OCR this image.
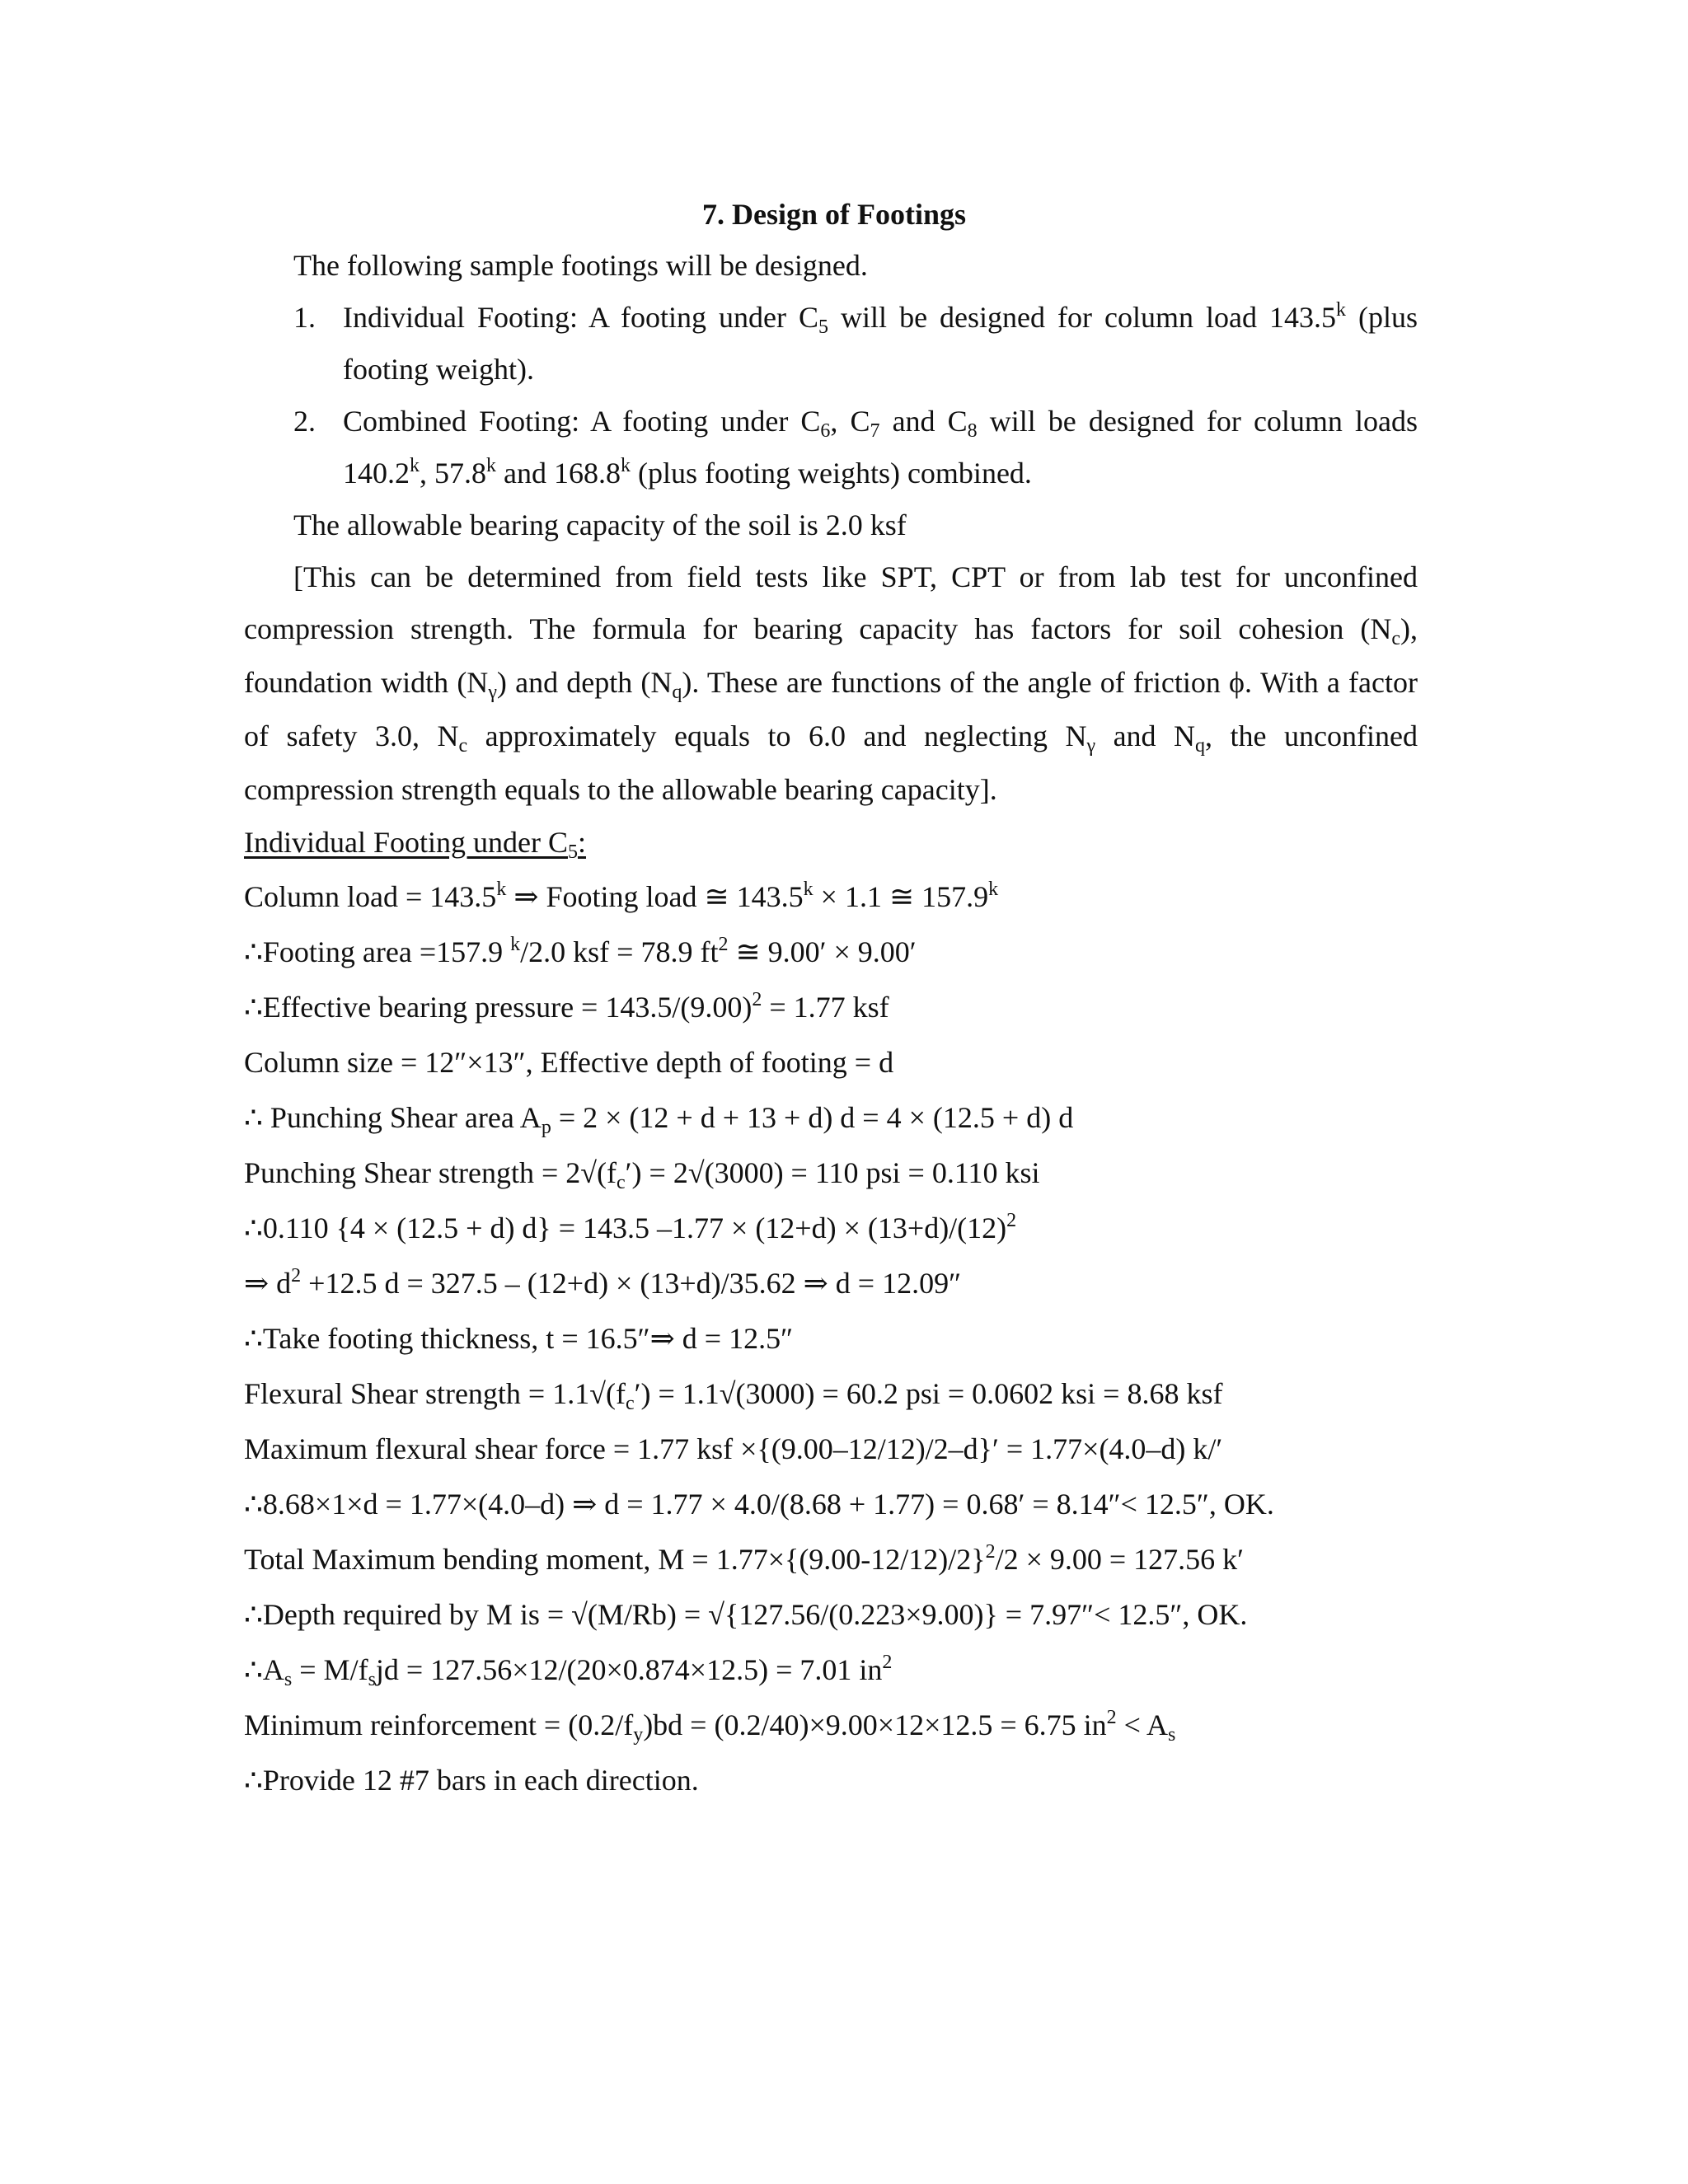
7. Design of Footings
The following sample footings will be designed.
1. Individual Footing: A footing under $C_5$ will be designed for column load 143.5$^k$ (plus
footing weight).
2. Combined Footing: A footing under $C_6$, $C_7$ and $C_8$ will be designed for column loads
140.2$^k$, 57.8$^k$ and 168.8$^k$ (plus footing weights) combined.
The allowable bearing capacity of the soil is 2.0 ksf
[This can be determined from field tests like SPT, CPT or from lab test for unconfined
compression strength. The formula for bearing capacity has factors for soil cohesion $(N_c)$,
foundation width $(N_\gamma)$ and depth $(N_q)$. These are functions of the angle of friction ϕ. With a factor
of safety 3.0, $N_c$ approximately equals to 6.0 and neglecting $N_\gamma$ and $N_q$, the unconfined
compression strength equals to the allowable bearing capacity].
Individual Footing under $C_5$:
Column load = $143.5^k$ ⇒ Footing load ≅ $143.5^k \times 1.1$ ≅ 157.9$^k$
∴Footing area =157.9 $^k$/2.0 ksf = 78.9 $ft^2$ ≅ 9.00′ × 9.00′
∴Effective bearing pressure = $143.5/(9.00)^2 = 1.77$ ksf
Column size = 12″×13″, Effective depth of footing = d
∴ Punching Shear area $A_p = 2 \times (12 + d + 13 + d) d = 4 \times (12.5 + d)$ d
Punching Shear strength = $2√(f_c') = 2√(3000) = 110$ psi = 0.110 ksi
∴0.110 {4 × (12.5 + d) d} = 143.5 $-1.77 \times (12+d) \times (13+d)/(12)^2$
⇒ $d^2 +12.5$ d = 327.5 – (12+d) × (13+d)/35.62 ⇒ d = 12.09″
∴Take footing thickness, t = 16.5″⇒ d = 12.5″
Flexural Shear strength = $1.1√(f_c') = 1.1√(3000) = 60.2$ psi = 0.0602 ksi = 8.68 ksf
Maximum flexural shear force = 1.77 ksf ×{(9.00–12/12)/2–d}′ = 1.77×(4.0–d) k/′
∴8.68×1×d = 1.77×(4.0–d) ⇒ d = 1.77 × 4.0/(8.68 + 1.77) = 0.68′ = 8.14″< 12.5″, OK.
Total Maximum bending moment, $M = 1.77\times\{(9.00-12/12)/2\}^2/2 \times 9.00 = 127.56$ k′
∴Depth required by M is = √(M/Rb) = √{127.56/(0.223×9.00)} = 7.97″< 12.5″, OK.
$\therefore A_s = M/f_sjd = 127.56\times 12/(20\times 0.874\times 12.5) = 7.01$ $in^2$
Minimum reinforcement = $(0.2/f_y)bd = (0.2/40)\times 9.00\times 12\times 12.5 = 6.75$ $in^2 < A_s$
∴Provide 12 #7 bars in each direction.
